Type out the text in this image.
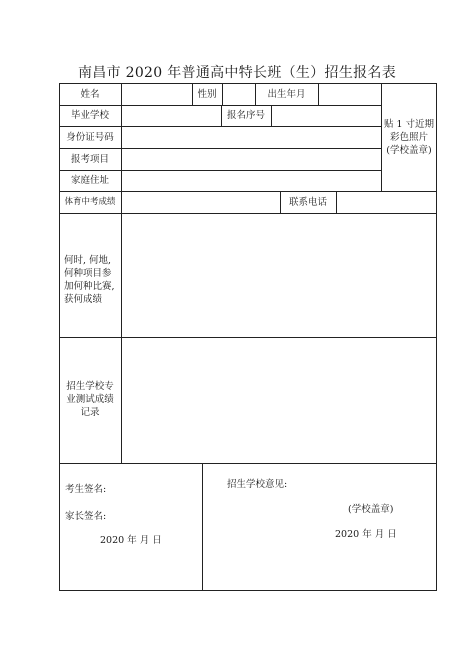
南昌市 2020 年普通高中特长班（生）招生报名表
姓名	性别	出生年月
毕业学校	报名序号
身份证号码
报考项目
家庭住址
贴 1 寸近期
彩色照片
(学校盖章)
体育中考成绩	联系电话
何时, 何地,
何种项目参
加何种比赛,
获何成绩
招生学校专
业测试成绩
记录
考生签名:
家长签名:
2020 年 月 日
招生学校意见:
(学校盖章)
2020 年 月 日
